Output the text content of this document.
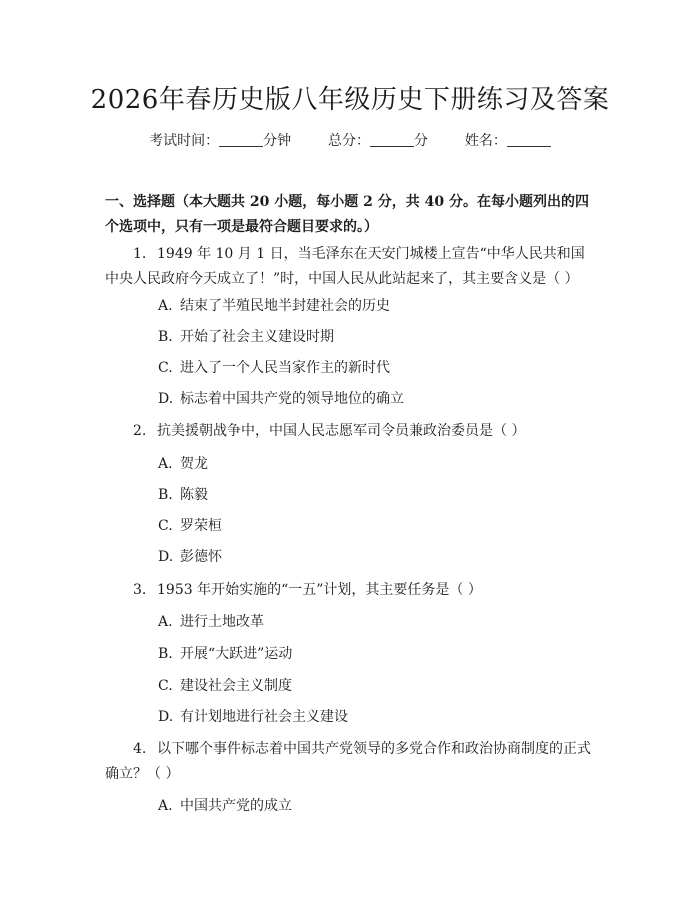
2026年春历史版八年级历史下册练习及答案
考试时间：	分钟	总分：	分	姓名：
一、选择题（本大题共 20 小题，每小题 2 分，共 40 分。在每小题列出的四个选项中，只有一项是最符合题目要求的。）
1. 1949 年 10 月 1 日，当毛泽东在天安门城楼上宣告“中华人民共和国中央人民政府今天成立了！”时，中国人民从此站起来了，其主要含义是（ ）
A. 结束了半殖民地半封建社会的历史
B. 开始了社会主义建设时期
C. 进入了一个人民当家作主的新时代
D. 标志着中国共产党的领导地位的确立
2. 抗美援朝战争中，中国人民志愿军司令员兼政治委员是（ ）
A. 贺龙
B. 陈毅
C. 罗荣桓
D. 彭德怀
3. 1953 年开始实施的“一五”计划，其主要任务是（ ）
A. 进行土地改革
B. 开展“大跃进”运动
C. 建设社会主义制度
D. 有计划地进行社会主义建设
4. 以下哪个事件标志着中国共产党领导的多党合作和政治协商制度的正式确立？（ ）
A. 中国共产党的成立
